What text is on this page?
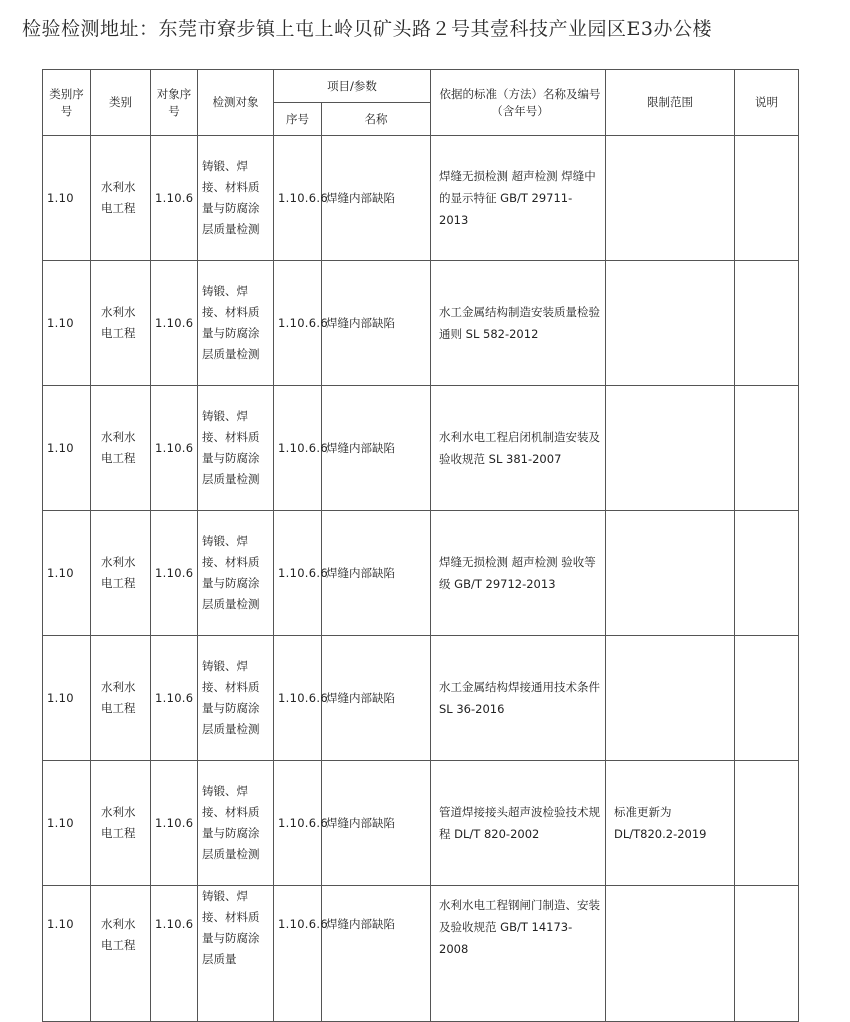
检验检测地址：东莞市寮步镇上屯上岭贝矿头路２号其壹科技产业园区E3办公楼
类别序号	类别	对象序号	检测对象	项目/参数		依据的标准（方法）名称及编号（含年号）	限制范围	说明
				序号	名称			
1.10	水利水电工程	1.10.6	铸锻、焊接、材料质量与防腐涂层质量检测	1.10.6.6	焊缝内部缺陷	焊缝无损检测 超声检测 焊缝中的显示特征 GB/T 29711-2013		
1.10	水利水电工程	1.10.6	铸锻、焊接、材料质量与防腐涂层质量检测	1.10.6.6	焊缝内部缺陷	水工金属结构制造安装质量检验通则 SL 582-2012		
1.10	水利水电工程	1.10.6	铸锻、焊接、材料质量与防腐涂层质量检测	1.10.6.6	焊缝内部缺陷	水利水电工程启闭机制造安装及验收规范 SL 381-2007		
1.10	水利水电工程	1.10.6	铸锻、焊接、材料质量与防腐涂层质量检测	1.10.6.6	焊缝内部缺陷	焊缝无损检测 超声检测 验收等级 GB/T 29712-2013		
1.10	水利水电工程	1.10.6	铸锻、焊接、材料质量与防腐涂层质量检测	1.10.6.6	焊缝内部缺陷	水工金属结构焊接通用技术条件 SL 36-2016		
1.10	水利水电工程	1.10.6	铸锻、焊接、材料质量与防腐涂层质量检测	1.10.6.6	焊缝内部缺陷	管道焊接接头超声波检验技术规程 DL/T 820-2002	标准更新为DL/T820.2-2019	
1.10	水利水电工程	1.10.6	铸锻、焊接、材料质量与防腐涂层质量	1.10.6.6	焊缝内部缺陷	水利水电工程钢闸门制造、安装及验收规范 GB/T 14173-2008		
